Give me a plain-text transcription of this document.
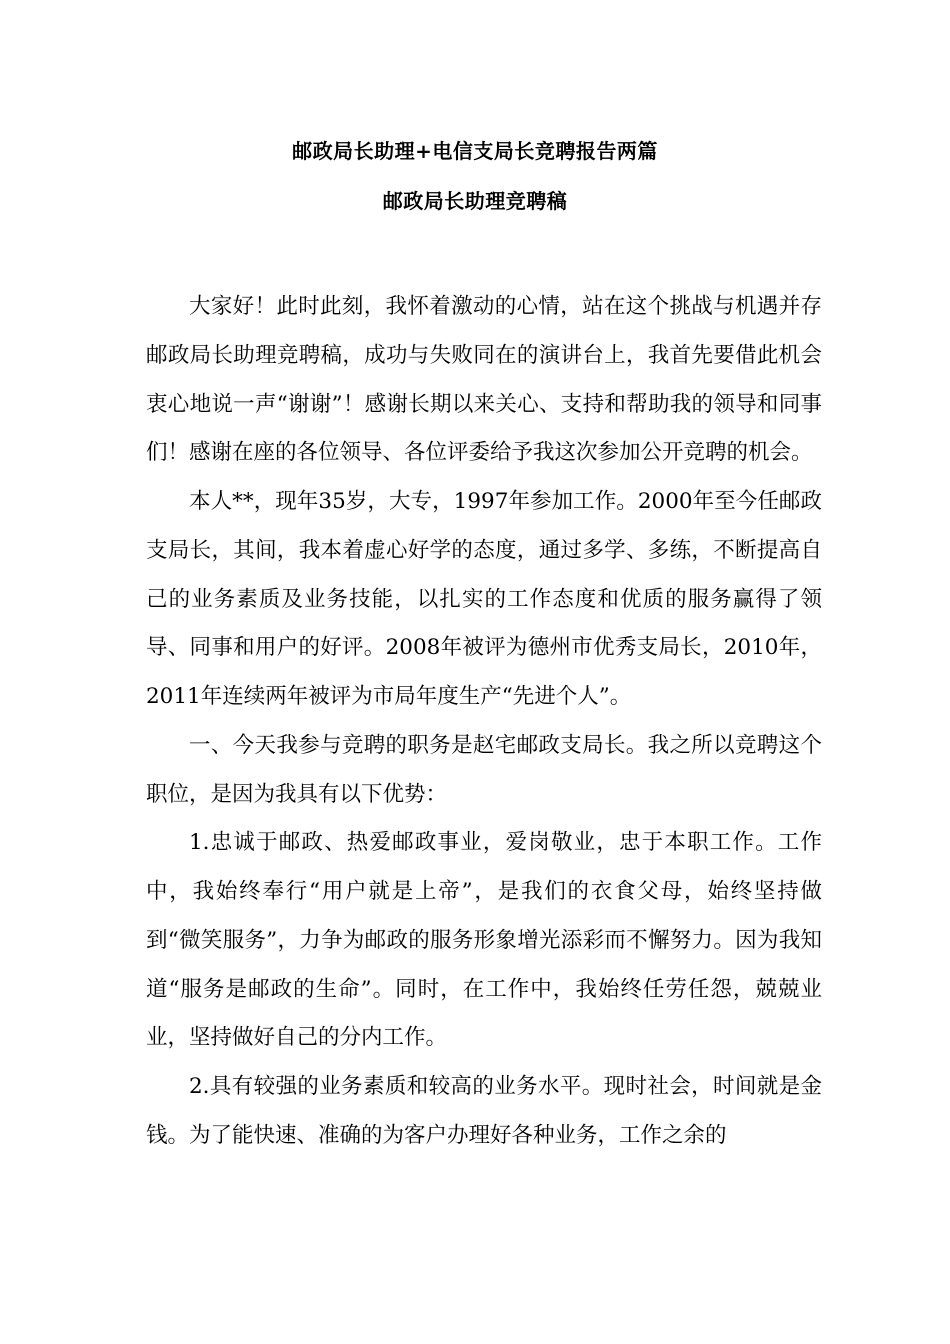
邮政局长助理+电信支局长竞聘报告两篇
邮政局长助理竞聘稿

大家好！此时此刻，我怀着激动的心情，站在这个挑战与机遇并存邮政局长助理竞聘稿，成功与失败同在的演讲台上，我首先要借此机会衷心地说一声“谢谢”！感谢长期以来关心、支持和帮助我的领导和同事们！感谢在座的各位领导、各位评委给予我这次参加公开竞聘的机会。

本人**，现年35岁，大专，1997年参加工作。2000年至今任邮政支局长，其间，我本着虚心好学的态度，通过多学、多练，不断提高自己的业务素质及业务技能，以扎实的工作态度和优质的服务赢得了领导、同事和用户的好评。2008年被评为德州市优秀支局长，2010年，2011年连续两年被评为市局年度生产“先进个人”。

一、今天我参与竞聘的职务是赵宅邮政支局长。我之所以竞聘这个职位，是因为我具有以下优势：

1.忠诚于邮政、热爱邮政事业，爱岗敬业，忠于本职工作。工作中，我始终奉行“用户就是上帝”，是我们的衣食父母，始终坚持做到“微笑服务”，力争为邮政的服务形象增光添彩而不懈努力。因为我知道“服务是邮政的生命”。同时，在工作中，我始终任劳任怨，兢兢业业，坚持做好自己的分内工作。

2.具有较强的业务素质和较高的业务水平。现时社会，时间就是金钱。为了能快速、准确的为客户办理好各种业务，工作之余的
